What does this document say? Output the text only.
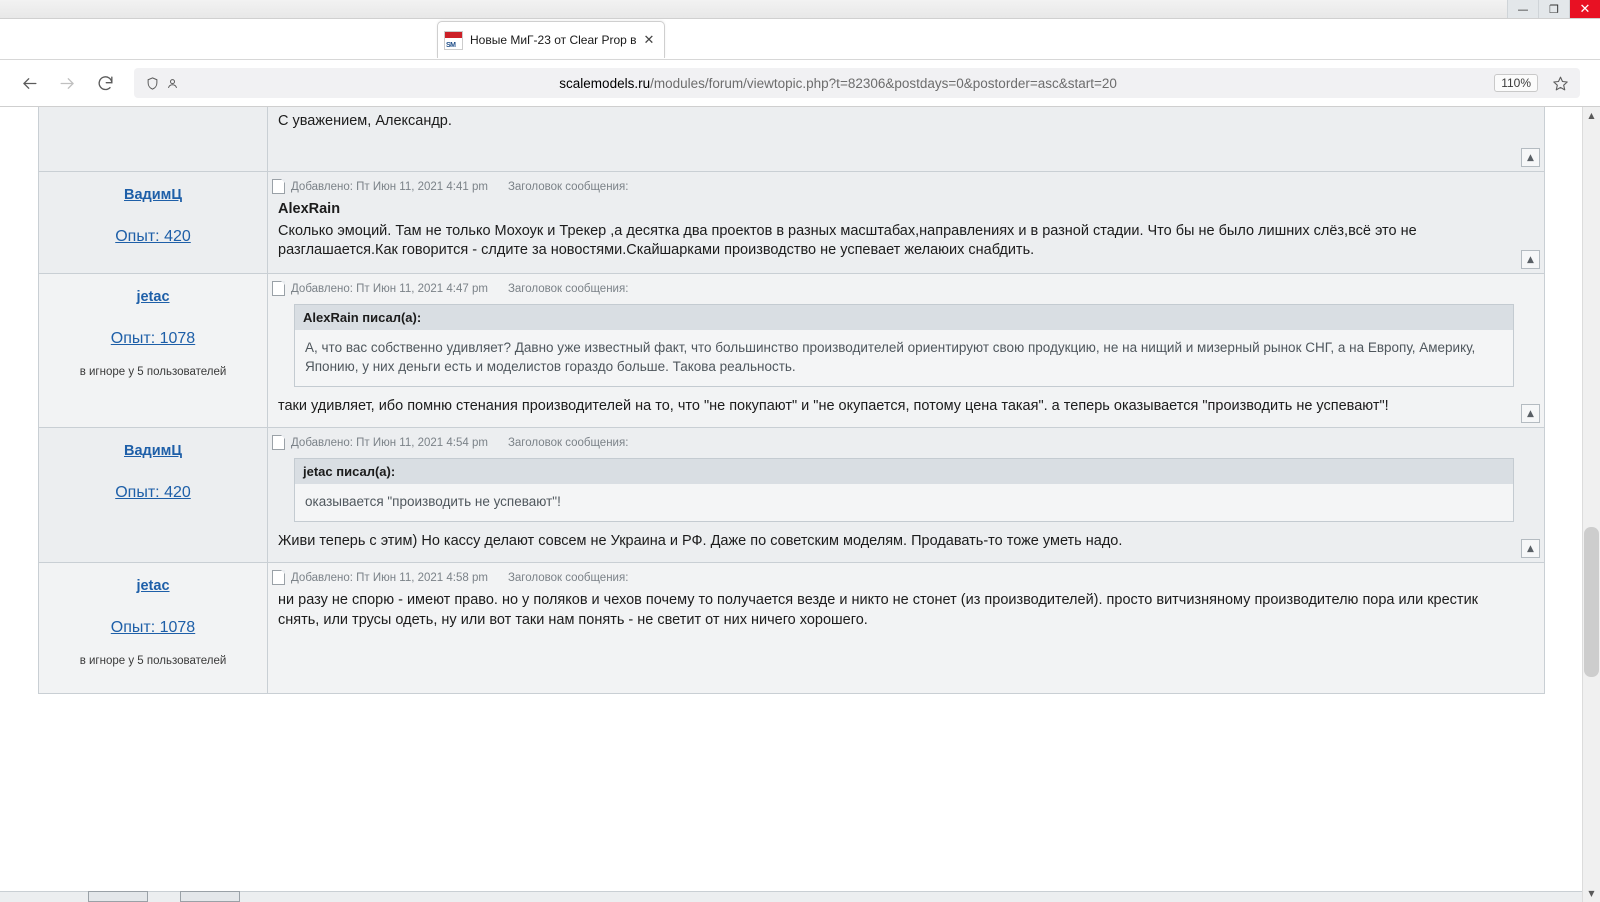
— ❐ ✕
SM Новые МиГ-23 от Clear Prop в ✕
scalemodels.ru/modules/forum/viewtopic.php?t=82306&postdays=0&postorder=asc&start=20	110%
С уважением, Александр.
▲
ВадимЦ
Опыт: 420
Добавлено: Пт Июн 11, 2021 4:41 pm Заголовок сообщения:
AlexRain
Сколько эмоций. Там не только Мохоук и Трекер ,а десятка два проектов в разных масштабах,направлениях и в разной стадии. Что бы не было лишних слёз,всё это не разглашается.Как говорится - слдите за новостями.Скайшарками производство не успевает желаюих снабдить.
▲
jetac
Опыт: 1078
в игноре у 5 пользователей
Добавлено: Пт Июн 11, 2021 4:47 pm Заголовок сообщения:
AlexRain писал(а):
А, что вас собственно удивляет? Давно уже известный факт, что большинство производителей ориентируют свою продукцию, не на нищий и мизерный рынок СНГ, а на Европу, Америку, Японию, у них деньги есть и моделистов гораздо больше. Такова реальность.
таки удивляет, ибо помню стенания производителей на то, что "не покупают" и "не окупается, потому цена такая". а теперь оказывается "производить не успевают"!	▲
ВадимЦ
Опыт: 420
Добавлено: Пт Июн 11, 2021 4:54 pm Заголовок сообщения:
jetac писал(а):
оказывается "производить не успевают"!
Живи теперь с этим) Но кассу делают совсем не Украина и РФ. Даже по советским моделям. Продавать-то тоже уметь надо.	▲
jetac
Опыт: 1078
в игноре у 5 пользователей
Добавлено: Пт Июн 11, 2021 4:58 pm Заголовок сообщения:
ни разу не спорю - имеют право. но у поляков и чехов почему то получается везде и никто не стонет (из производителей). просто витчизняному производителю пора или крестик снять, или трусы одеть, ну или вот таки нам понять - не светит от них ничего хорошего.
▲
▼
